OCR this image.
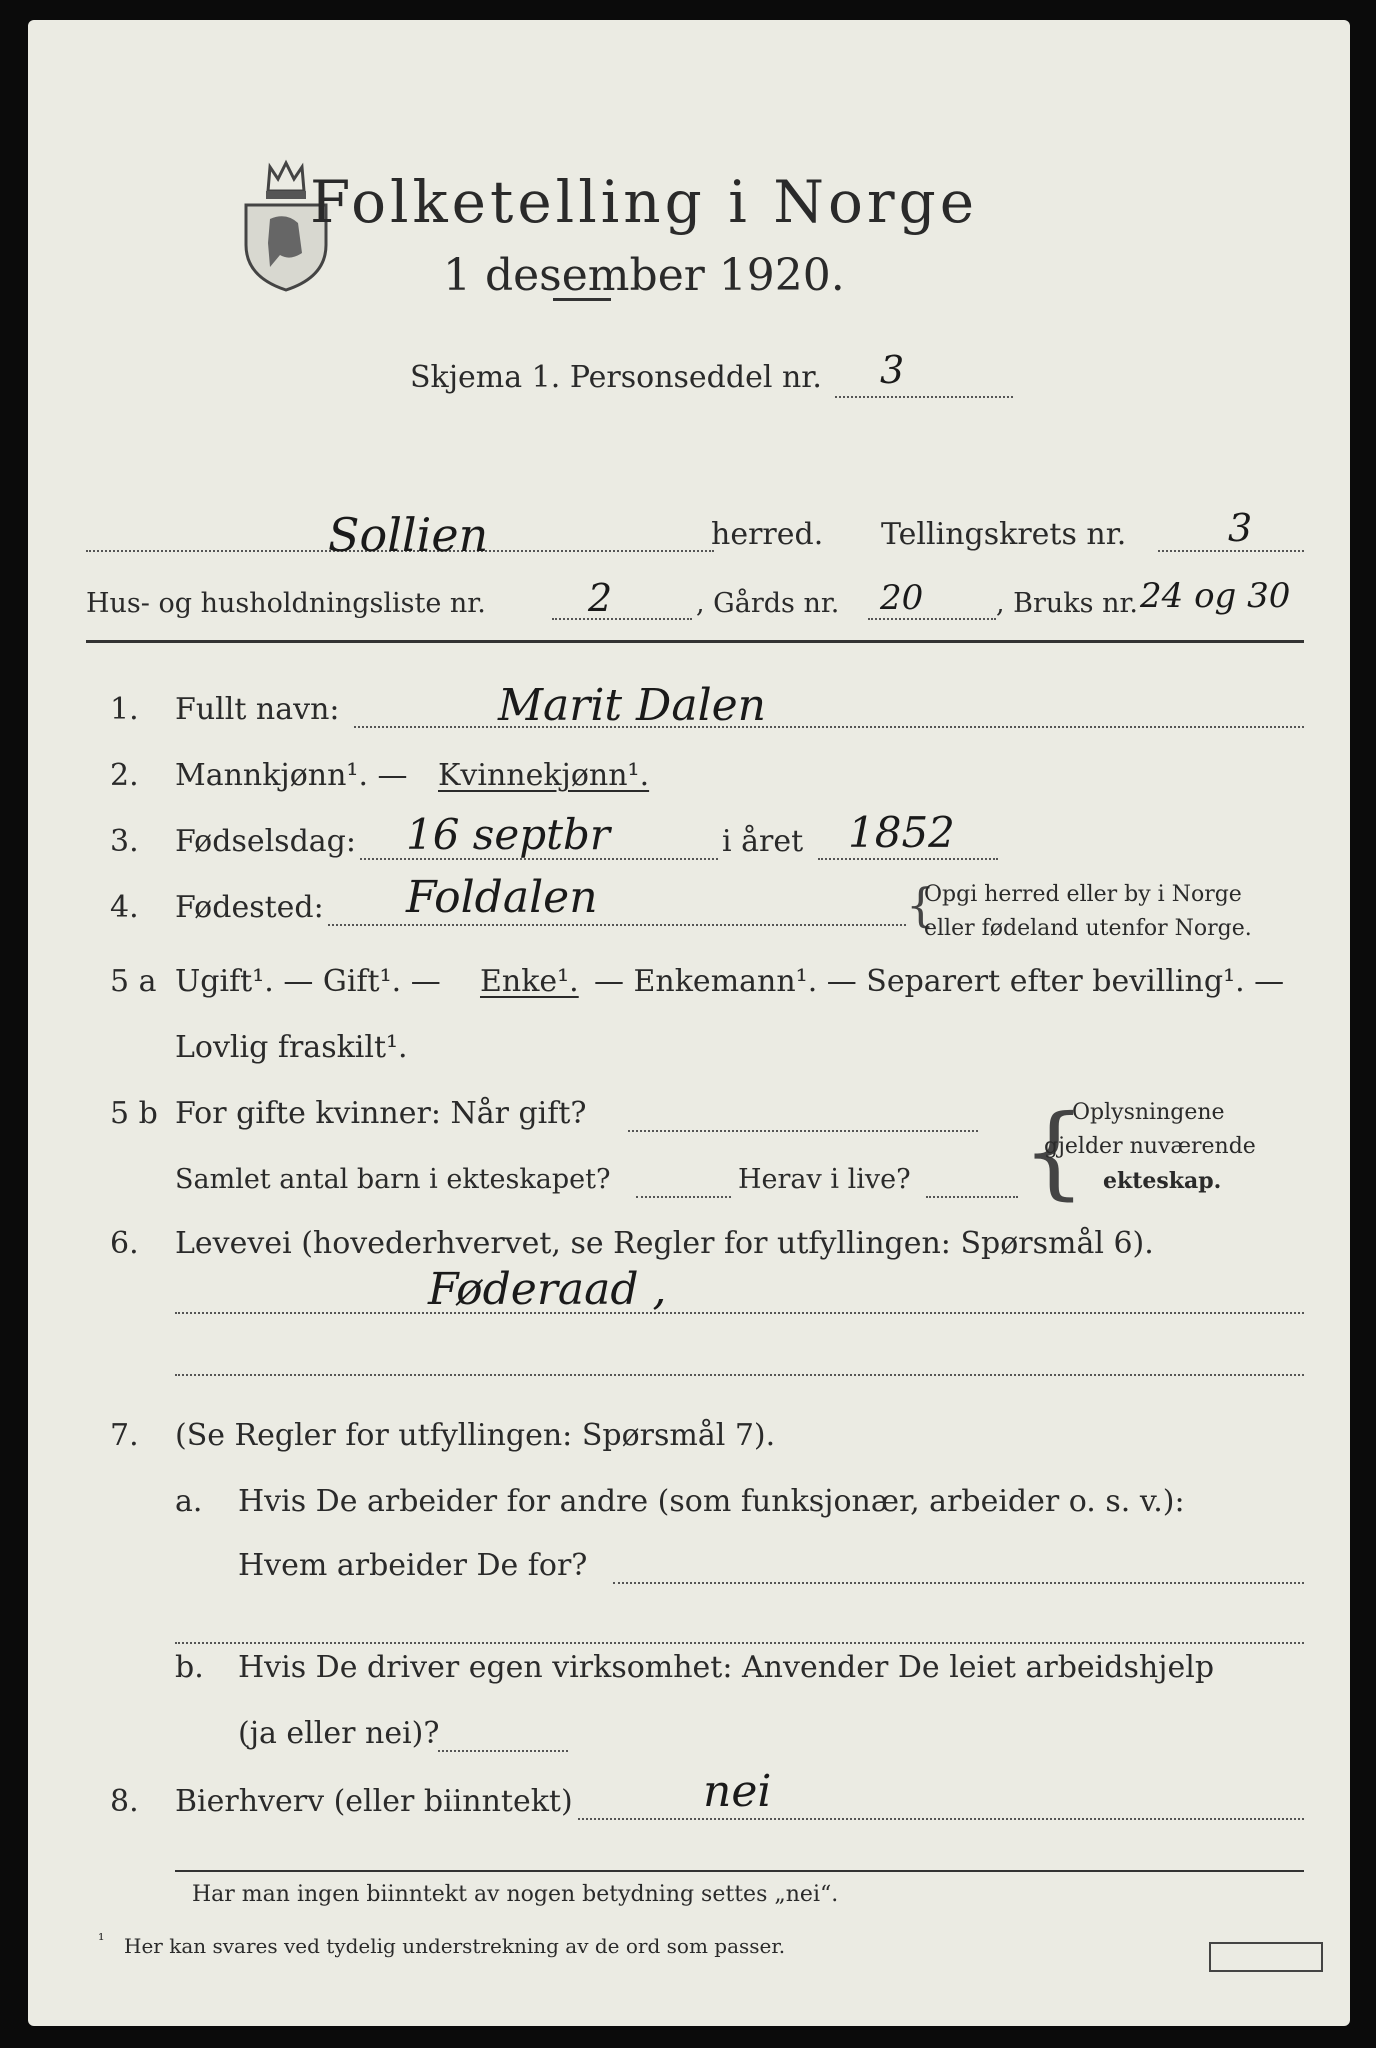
Folketelling i Norge
1 desember 1920.
Skjema 1. Personseddel nr. 3
Sollien	herred. Tellingskrets nr.	3
Hus- og husholdningsliste nr.	2	, Gårds nr. 20	, Bruks nr. 24 og 30
1. Fullt navn:	Marit Dalen
2. Mannkjønn¹. — Kvinnekjønn¹.
3. Fødselsdag: 16 septbr	i året 1852
4. Fødested: Foldalen	{
Opgi herred eller by i Norge
eller fødeland utenfor Norge.
5 a Ugift¹. — Gift¹. — Enke¹. — Enkemann¹. — Separert efter bevilling¹. —
Lovlig fraskilt¹.
5 b For gifte kvinner: Når gift?
Samlet antal barn i ekteskapet?	Herav i live? {
Oplysningene
gjelder nuværende
ekteskap.
6. Levevei (hovederhvervet, se Regler for utfyllingen: Spørsmål 6).
Føderaad ,
7. (Se Regler for utfyllingen: Spørsmål 7).
a. Hvis De arbeider for andre (som funksjonær, arbeider o. s. v.):
Hvem arbeider De for?
b. Hvis De driver egen virksomhet: Anvender De leiet arbeidshjelp
(ja eller nei)?
8. Bierhverv (eller biinntekt)	nei
Har man ingen biinntekt av nogen betydning settes „nei“.
¹ Her kan svares ved tydelig understrekning av de ord som passer.
